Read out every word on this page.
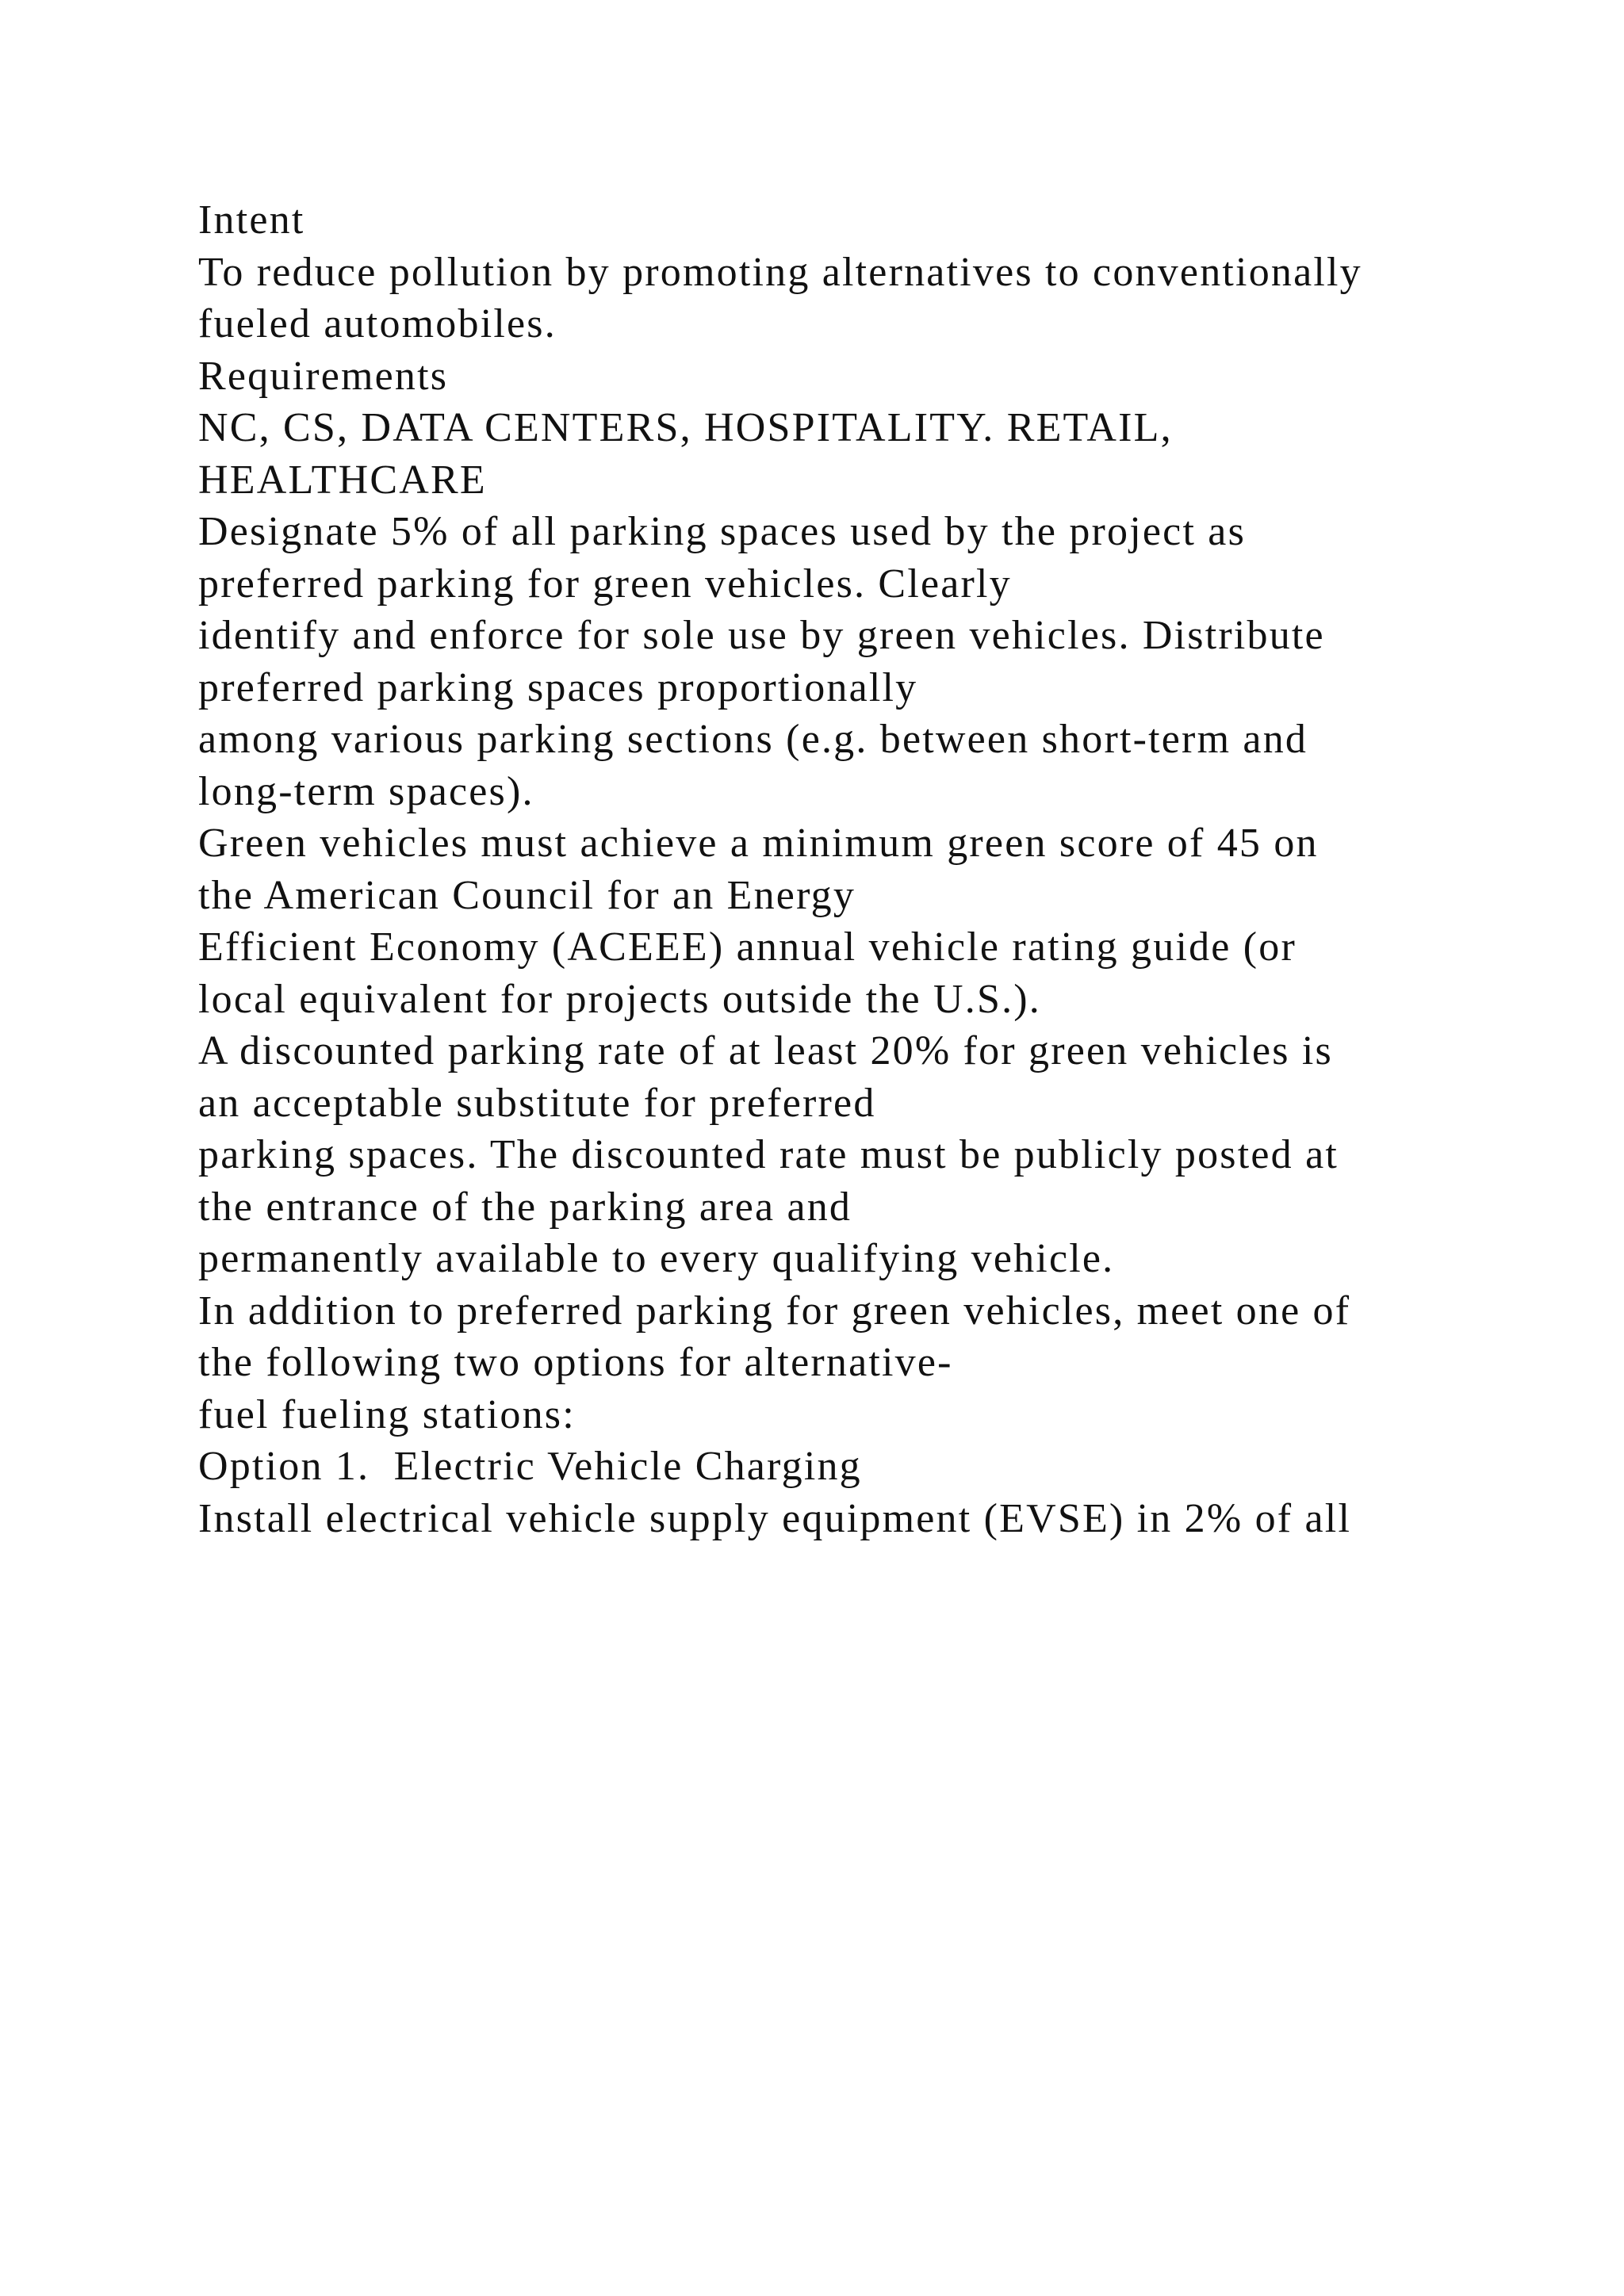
Intent
To reduce pollution by promoting alternatives to conventionally
fueled automobiles.
Requirements
NC, CS, DATA CENTERS, HOSPITALITY. RETAIL,
HEALTHCARE
Designate 5% of all parking spaces used by the project as
preferred parking for green vehicles. Clearly
identify and enforce for sole use by green vehicles. Distribute
preferred parking spaces proportionally
among various parking sections (e.g. between short-term and
long-term spaces).
Green vehicles must achieve a minimum green score of 45 on
the American Council for an Energy
Efficient Economy (ACEEE) annual vehicle rating guide (or
local equivalent for projects outside the U.S.).
A discounted parking rate of at least 20% for green vehicles is
an acceptable substitute for preferred
parking spaces. The discounted rate must be publicly posted at
the entrance of the parking area and
permanently available to every qualifying vehicle.
In addition to preferred parking for green vehicles, meet one of
the following two options for alternative-
fuel fueling stations:
Option 1.  Electric Vehicle Charging
Install electrical vehicle supply equipment (EVSE) in 2% of all
